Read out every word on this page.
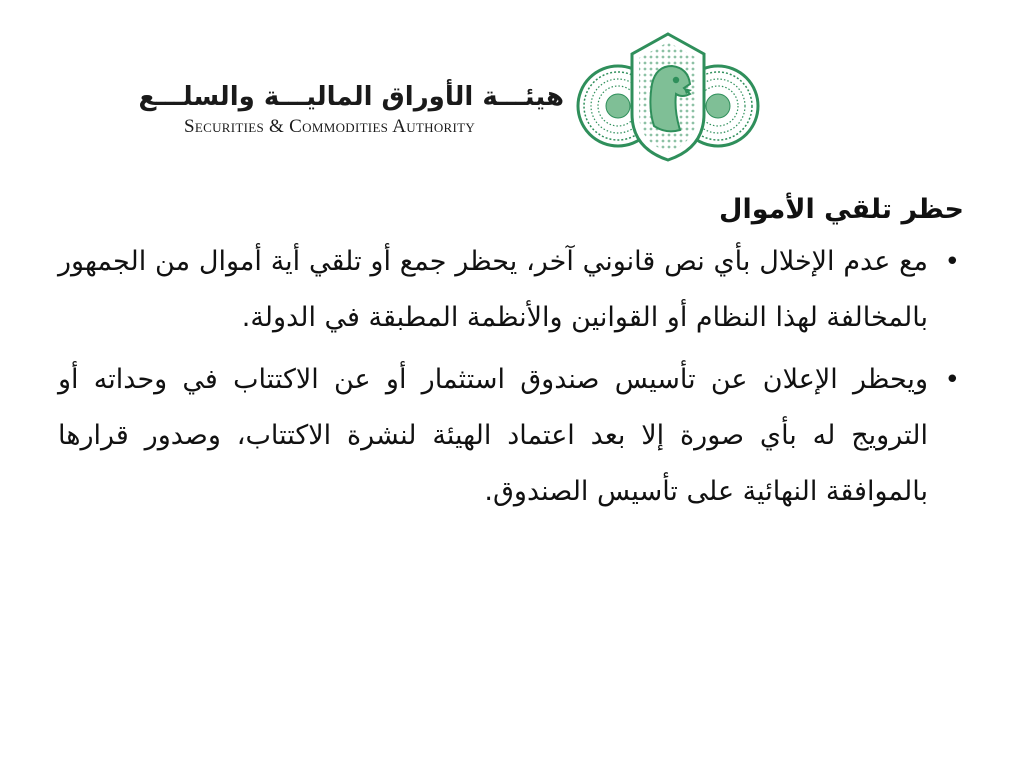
هيئـــة الأوراق الماليـــة والسلـــع
Securities & Commodities Authority
حظر تلقي الأموال
•
مع عدم الإخلال بأي نص قانوني آخر، يحظر جمع أو تلقي أية أموال من الجمهور بالمخالفة لهذا النظام أو القوانين والأنظمة المطبقة في الدولة.
•
ويحظر الإعلان عن تأسيس صندوق استثمار أو عن الاكتتاب في وحداته أو الترويج له بأي صورة إلا بعد اعتماد الهيئة لنشرة الاكتتاب، وصدور قرارها بالموافقة النهائية على تأسيس الصندوق.
